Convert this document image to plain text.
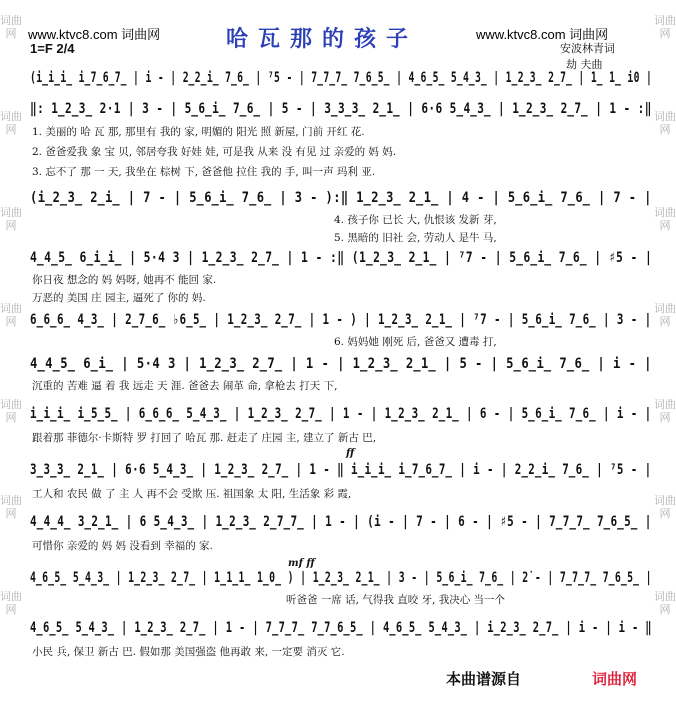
词曲网
词曲网
词曲网
词曲网
词曲网
词曲网
词曲网
词曲网
词曲网
词曲网
词曲网
词曲网
词曲网
词曲网
www.ktvc8.com 词曲网	哈瓦那的孩子	www.ktvc8.com 词曲网
1=F 2/4	安波林青词
劫 夫曲
(i̲i̲i̲ i̲7̲6̲7̲ | i - | 2̲2̲i̲ 7̲6̲ | ⁷5 - | 7̲7̲7̲ 7̲6̲5̲ | 4̲6̲5̲ 5̲4̲3̲ | 1̲2̲3̲ 2̲7̲ | 1̲ 1̲ i0 |
‖: 1̲2̲3̲ 2·1 | 3 - | 5̲6̲i̲ 7̲6̲ | 5 - | 3̲3̲3̲ 2̲1̲ | 6·6 5̲4̲3̲ | 1̲2̲3̲ 2̲7̲ | 1 - :‖
1. 美丽的 哈 瓦 那, 那里有 我的 家, 明媚的 阳光 照 新屋, 门前 开红 花.
2. 爸爸爱我 象 宝 贝, 邻居夸我 好娃 娃, 可是我 从来 没 有见 过 亲爱的 妈 妈.
3. 忘不了 那 一 天, 我坐在 棕树 下, 爸爸他 拉住 我的 手, 叫一声 玛利 亚.
(i̲2̲3̲ 2̲i̲ | 7 - | 5̲6̲i̲ 7̲6̲ | 3 - ):‖ 1̲2̲3̲ 2̲1̲ | 4 - | 5̲6̲i̲ 7̲6̲ | 7 - |
4. 孩子你 已长 大, 仇恨该 发新 芽,
5. 黑暗的 旧社 会, 劳动人 是牛 马,
4̲4̲5̲ 6̲i̲i̲ | 5·4 3 | 1̲2̲3̲ 2̲7̲ | 1 - :‖ (1̲2̲3̲ 2̲1̲ | ⁷7 - | 5̲6̲i̲ 7̲6̲ | ♯5 - |
你日夜 想念的 妈 妈呀, 她再不 能回 家.
万恶的 美国 庄 园主, 逼死了 你的 妈.
6̲6̲6̲ 4̲3̲ | 2̲7̲6̲ ♭6̲5̲ | 1̲2̲3̲ 2̲7̲ | 1 - ) | 1̲2̲3̲ 2̲1̲ | ⁷7 - | 5̲6̲i̲ 7̲6̲ | 3 - |
6. 妈妈她 刚死 后, 爸爸又 遭毒 打,
4̲4̲5̲ 6̲i̲ | 5·4 3 | 1̲2̲3̲ 2̲7̲ | 1 - | 1̲2̲3̲ 2̲1̲ | 5 - | 5̲6̲i̲ 7̲6̲ | i - |
沉重的 苦难 逼 着 我 远走 天 涯. 爸爸去 闹革 命, 拿枪去 打天 下,
i̲i̲i̲ i̲5̲5̲ | 6̲6̲6̲ 5̲4̲3̲ | 1̲2̲3̲ 2̲7̲ | 1 - | 1̲2̲3̲ 2̲1̲ | 6 - | 5̲6̲i̲ 7̲6̲ | i - |
跟着那 菲德尔·卡斯特 罗 打回了 哈瓦 那. 赶走了 庄园 主, 建立了 新古 巴,
ff
3̲3̲3̲ 2̲1̲ | 6·6 5̲4̲3̲ | 1̲2̲3̲ 2̲7̲ | 1 - ‖ i̲i̲i̲ i̲7̲6̲7̲ | i - | 2̲2̲i̲ 7̲6̲ | ⁷5 - |
工人和 农民 做 了 主 人 再不会 受欺 压. 祖国象 太 阳, 生活象 彩 霞,
4̲4̲4̲ 3̲2̲1̲ | 6 5̲4̲3̲ | 1̲2̲3̲ 2̲7̲7̲ | 1 - | (i - | 7 - | 6 - | ♯5 - | 7̲7̲7̲ 7̲6̲5̲ |
可惜你 亲爱的 妈 妈 没看到 幸福的 家.
mf ff
4̲6̲5̲ 5̲4̲3̲ | 1̲2̲3̲ 2̲7̲ | 1̲1̲1̲ 1̲0̲ ) | 1̲2̲3̲ 2̲1̲ | 3 - | 5̲6̲i̲ 7̲6̲ | 2̇ - | 7̲7̲7̲ 7̲6̲5̲ |
听爸爸 一席 话, 气得我 直咬 牙, 我决心 当一个
4̲6̲5̲ 5̲4̲3̲ | 1̲2̲3̲ 2̲7̲ | 1 - | 7̲7̲7̲ 7̲7̲6̲5̲ | 4̲6̲5̲ 5̲4̲3̲ | i̲2̲3̲ 2̲7̲ | i - | i - ‖
小民 兵, 保卫 新古 巴. 假如那 美国强盗 他再敢 来, 一定要 消灭 它.
本曲谱源自	词曲网
